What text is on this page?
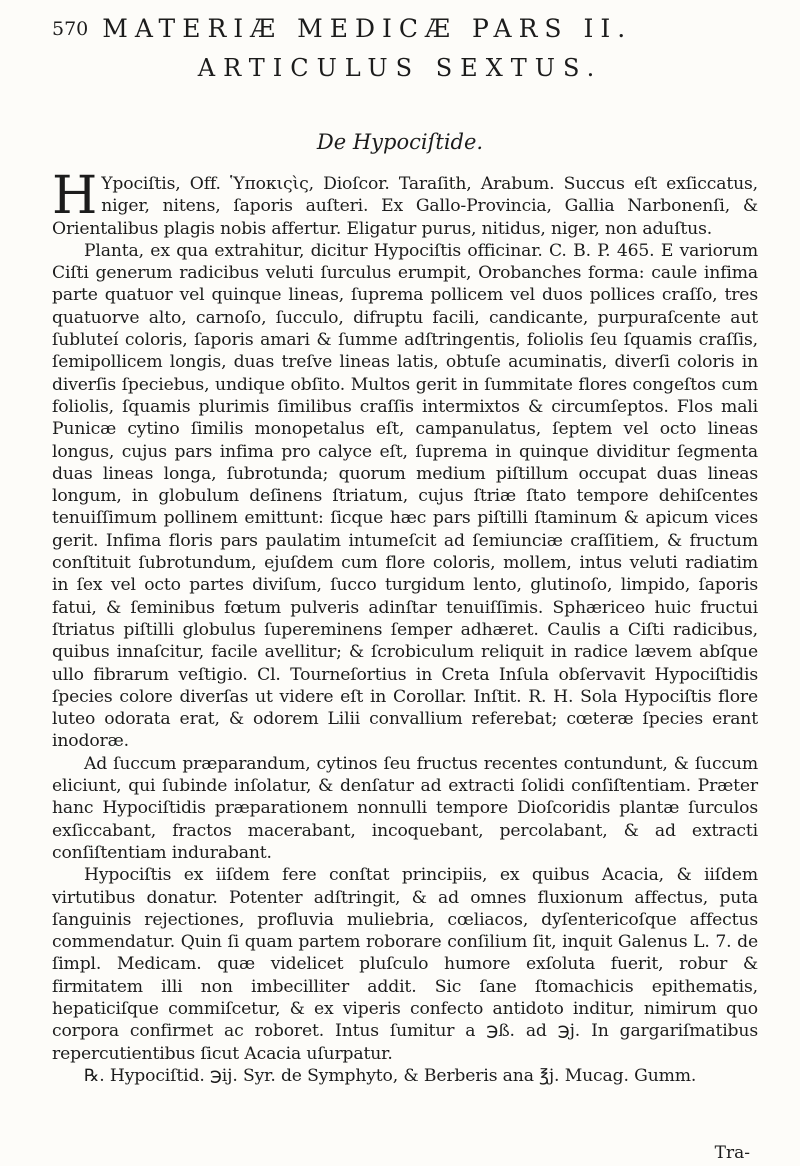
570 MATERIÆ MEDICÆ PARS II.
ARTICULUS SEXTUS.
De Hypociſtide.

H Ypociſtis, Off. Ὑποκιςὶς, Dioſcor. Taraſith, Arabum. Succus eſt exſiccatus, niger, nitens, ſaporis auſteri. Ex Gallo-Provincia, Gallia Narbonenſi, & Orientalibus plagis nobis affertur. Eligatur purus, nitidus, niger, non aduſtus.

Planta, ex qua extrahitur, dicitur Hypociſtis officinar. C. B. P. 465. E variorum Ciſti generum radicibus veluti ſurculus erumpit, Orobanches forma: caule infima parte quatuor vel quinque lineas, ſuprema pollicem vel duos pollices craſſo, tres quatuorve alto, carnoſo, ſucculo, difruptu facili, candicante, purpuraſcente aut ſubluteí coloris, ſaporis amari & ſumme adſtringentis, foliolis ſeu ſquamis craſſis, ſemipollicem longis, duas treſve lineas latis, obtuſe acuminatis, diverſi coloris in diverſis ſpeciebus, undique obſito. Multos gerit in ſummitate flores congeſtos cum foliolis, ſquamis plurimis ſimilibus craſſis intermixtos & circumſeptos. Flos mali Punicæ cytino ſimilis monopetalus eſt, campanulatus, ſeptem vel octo lineas longus, cujus pars infima pro calyce eſt, ſuprema in quinque dividitur ſegmenta duas lineas longa, ſubrotunda; quorum medium piſtillum occupat duas lineas longum, in globulum deſinens ſtriatum, cujus ſtriæ ſtato tempore dehiſcentes tenuiſſimum pollinem emittunt: ſicque hæc pars piſtilli ſtaminum & apicum vices gerit. Infima floris pars paulatim intumeſcit ad ſemiunciæ craſſitiem, & fructum conſtituit ſubrotundum, ejuſdem cum flore coloris, mollem, intus veluti radiatim in ſex vel octo partes diviſum, ſucco turgidum lento, glutinoſo, limpido, ſaporis fatui, & ſeminibus fœtum pulveris adinſtar tenuiſſimis. Sphæriceo huic fructui ſtriatus piſtilli globulus ſupereminens ſemper adhæret. Caulis a Ciſti radicibus, quibus innaſcitur, facile avellitur; & ſcrobiculum reliquit in radice lævem abſque ullo fibrarum veſtigio. Cl. Tourneſortius in Creta Inſula obſervavit Hypociſtidis ſpecies colore diverſas ut videre eſt in Corollar. Inſtit. R. H. Sola Hypociſtis flore luteo odorata erat, & odorem Lilii convallium referebat; cœteræ ſpecies erant inodoræ.

Ad ſuccum præparandum, cytinos ſeu fructus recentes contundunt, & ſuccum eliciunt, qui ſubinde inſolatur, & denſatur ad extracti ſolidi conſiſtentiam. Præter hanc Hypociſtidis præparationem nonnulli tempore Dioſcoridis plantæ ſurculos exſiccabant, fractos macerabant, incoquebant, percolabant, & ad extracti conſiſtentiam indurabant.

Hypociſtis ex iiſdem fere conſtat principiis, ex quibus Acacia, & iiſdem virtutibus donatur. Potenter adſtringit, & ad omnes fluxionum affectus, puta ſanguinis rejectiones, profluvia muliebria, cœliacos, dyſentericoſque affectus commendatur. Quin ſi quam partem roborare conſilium ſit, inquit Galenus L. 7. de ſimpl. Medicam. quæ videlicet pluſculo humore exſoluta fuerit, robur & firmitatem illi non imbecilliter addit. Sic ſane ſtomachicis epithematis, hepaticiſque commiſcetur, & ex viperis confecto antidoto inditur, nimirum quo corpora confirmet ac roboret. Intus ſumitur a ℈ß. ad ℈j. In gargariſmatibus repercutientibus ſicut Acacia uſurpatur.

℞. Hypociſtid. ℈ij. Syr. de Symphyto, & Berberis ana ℥j. Mucag. Gumm.

Tra-
